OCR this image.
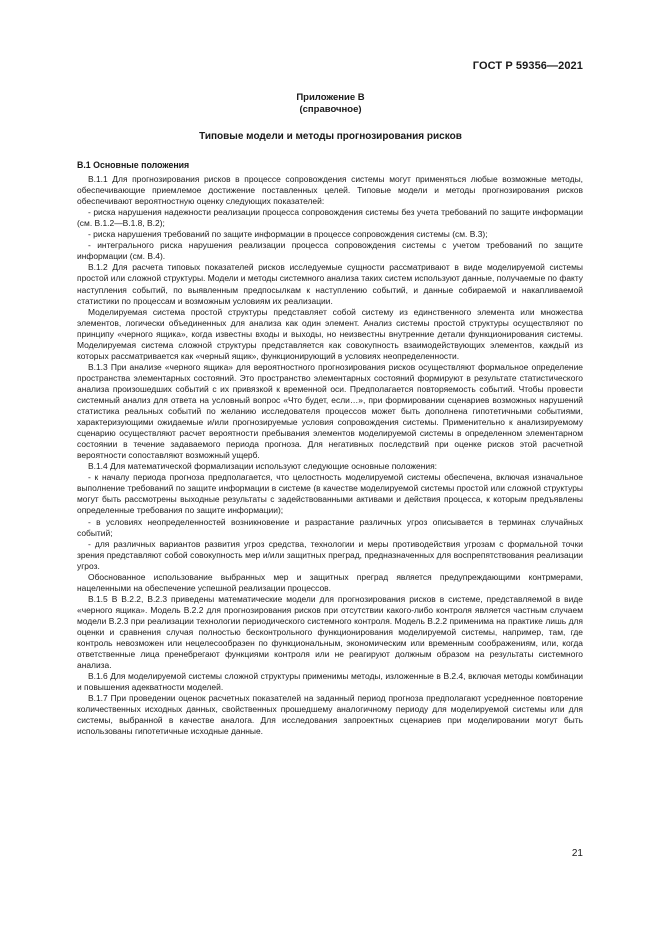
ГОСТ Р 59356—2021
Приложение В
(справочное)
Типовые модели и методы прогнозирования рисков
В.1 Основные положения

В.1.1 Для прогнозирования рисков в процессе сопровождения системы могут применяться любые возможные методы, обеспечивающие приемлемое достижение поставленных целей. Типовые модели и методы прогнозирования рисков обеспечивают вероятностную оценку следующих показателей:

- риска нарушения надежности реализации процесса сопровождения системы без учета требований по защите информации (см. В.1.2—В.1.8, В.2);

- риска нарушения требований по защите информации в процессе сопровождения системы (см. В.3);

- интегрального риска нарушения реализации процесса сопровождения системы с учетом требований по защите информации (см. В.4).

В.1.2 Для расчета типовых показателей рисков исследуемые сущности рассматривают в виде моделируемой системы простой или сложной структуры. Модели и методы системного анализа таких систем используют данные, получаемые по факту наступления событий, по выявленным предпосылкам к наступлению событий, и данные собираемой и накапливаемой статистики по процессам и возможным условиям их реализации.

Моделируемая система простой структуры представляет собой систему из единственного элемента или множества элементов, логически объединенных для анализа как один элемент. Анализ системы простой структуры осуществляют по принципу «черного ящика», когда известны входы и выходы, но неизвестны внутренние детали функционирования системы. Моделируемая система сложной структуры представляется как совокупность взаимодействующих элементов, каждый из которых рассматривается как «черный ящик», функционирующий в условиях неопределенности.

В.1.3 При анализе «черного ящика» для вероятностного прогнозирования рисков осуществляют формальное определение пространства элементарных состояний. Это пространство элементарных состояний формируют в результате статистического анализа произошедших событий с их привязкой к временной оси. Предполагается повторяемость событий. Чтобы провести системный анализ для ответа на условный вопрос «Что будет, если…», при формировании сценариев возможных нарушений статистика реальных событий по желанию исследователя процессов может быть дополнена гипотетичными событиями, характеризующими ожидаемые и/или прогнозируемые условия сопровождения системы. Применительно к анализируемому сценарию осуществляют расчет вероятности пребывания элементов моделируемой системы в определенном элементарном состоянии в течение задаваемого периода прогноза. Для негативных последствий при оценке рисков этой расчетной вероятности сопоставляют возможный ущерб.

В.1.4 Для математической формализации используют следующие основные положения:

- к началу периода прогноза предполагается, что целостность моделируемой системы обеспечена, включая изначальное выполнение требований по защите информации в системе (в качестве моделируемой системы простой или сложной структуры могут быть рассмотрены выходные результаты с задействованными активами и действия процесса, к которым предъявлены определенные требования по защите информации);

- в условиях неопределенностей возникновение и разрастание различных угроз описывается в терминах случайных событий;

- для различных вариантов развития угроз средства, технологии и меры противодействия угрозам с формальной точки зрения представляют собой совокупность мер и/или защитных преград, предназначенных для воспрепятствования реализации угроз.

Обоснованное использование выбранных мер и защитных преград является предупреждающими контрмерами, нацеленными на обеспечение успешной реализации процессов.

В.1.5 В В.2.2, В.2.3 приведены математические модели для прогнозирования рисков в системе, представляемой в виде «черного ящика». Модель В.2.2 для прогнозирования рисков при отсутствии какого-либо контроля является частным случаем модели В.2.3 при реализации технологии периодического системного контроля. Модель В.2.2 применима на практике лишь для оценки и сравнения случая полностью бесконтрольного функционирования моделируемой системы, например, там, где контроль невозможен или нецелесообразен по функциональным, экономическим или временным соображениям, или, когда ответственные лица пренебрегают функциями контроля или не реагируют должным образом на результаты системного анализа.

В.1.6 Для моделируемой системы сложной структуры применимы методы, изложенные в В.2.4, включая методы комбинации и повышения адекватности моделей.

В.1.7 При проведении оценок расчетных показателей на заданный период прогноза предполагают усредненное повторение количественных исходных данных, свойственных прошедшему аналогичному периоду для моделируемой системы или для системы, выбранной в качестве аналога. Для исследования запроектных сценариев при моделировании могут быть использованы гипотетичные исходные данные.

21
